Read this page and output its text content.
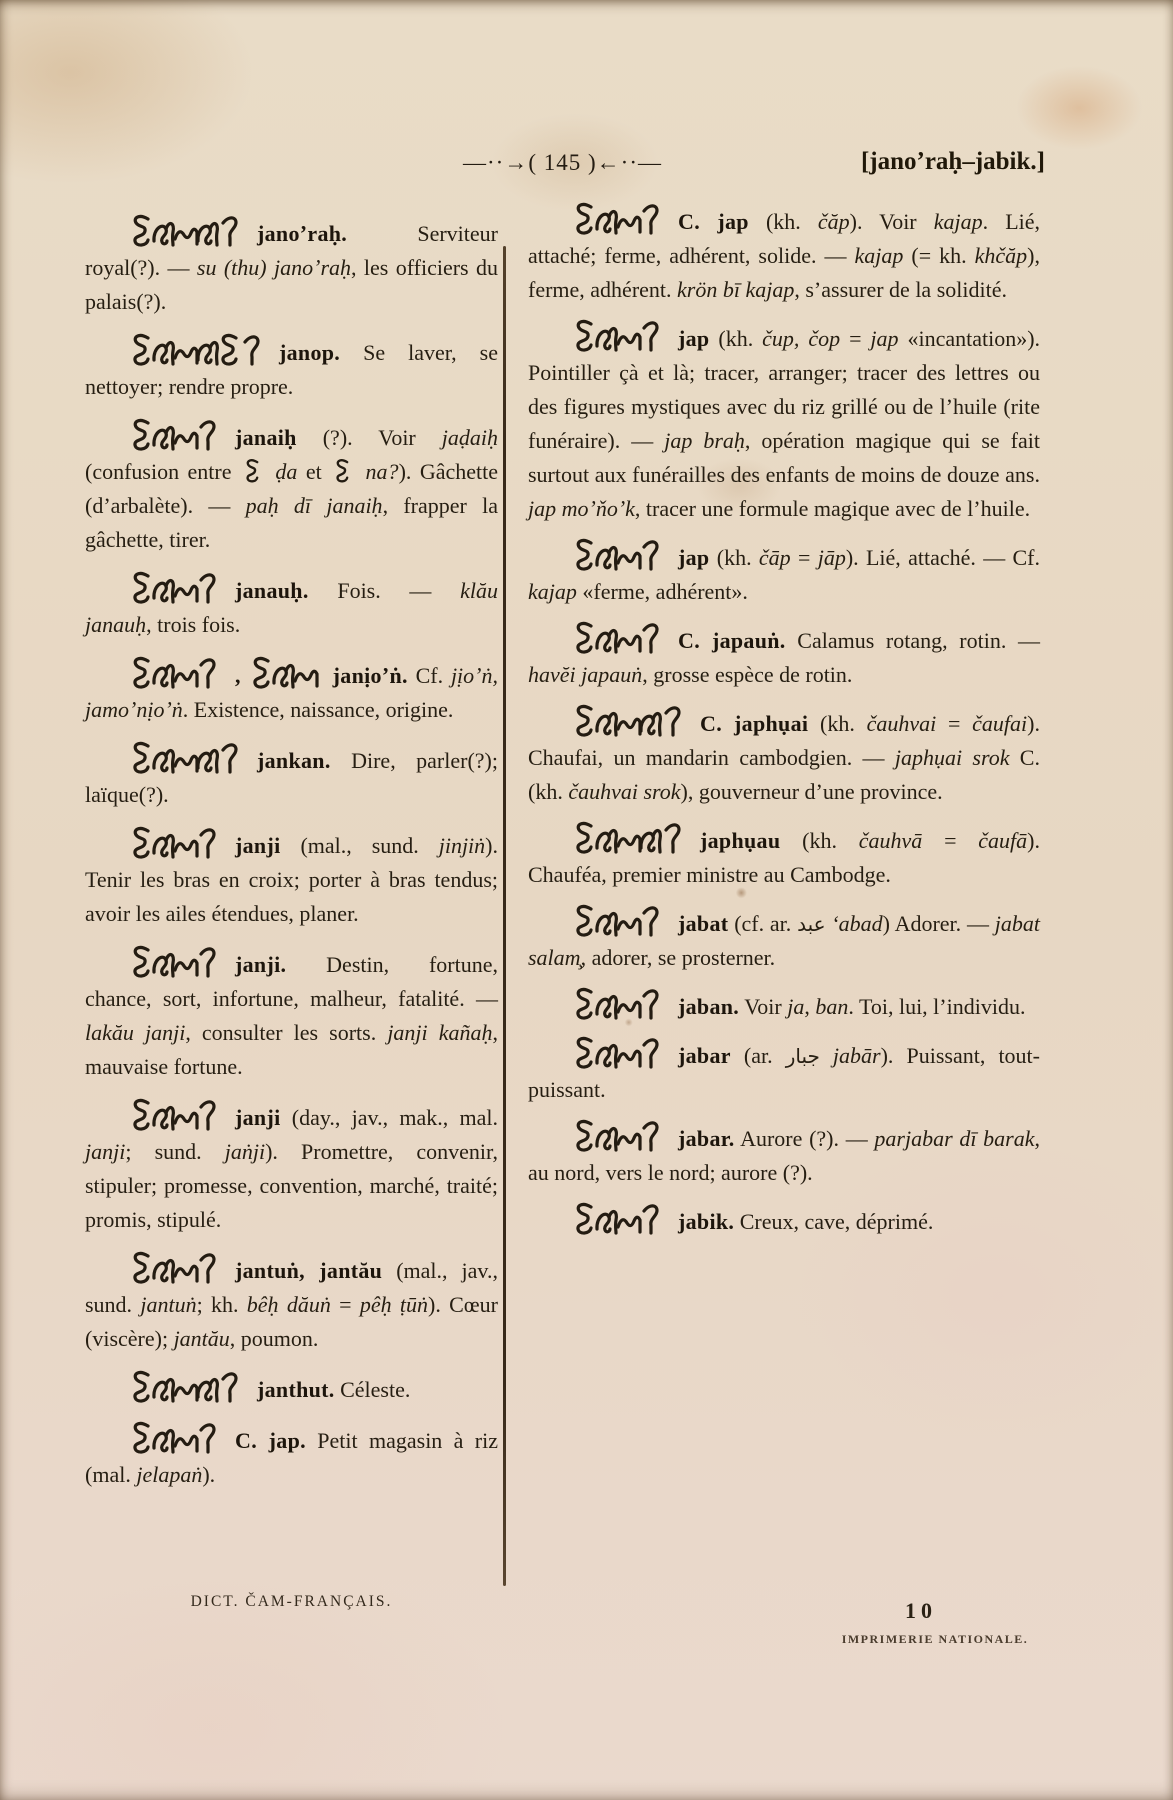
—··→( 145 )←··—	[janoʼraḥ–jabik.]

janoʼraḥ.	Serviteur royal(?). — su (thu) janoʼraḥ, les officiers du palais(?).

janop. Se laver, se nettoyer; rendre propre.

janaiḥ (?). Voir jaḍaiḥ (confusion entre  ḍa et  na?). Gâchette (d’arbalète). — paḥ dī janaiḥ, frapper la gâchette, tirer.

janauḥ. Fois. — klău janauḥ, trois fois.

,	janịoʼṅ. Cf. jịoʼṅ, jamoʼnịoʼṅ. Existence, naissance, origine.

jankan. Dire, parler(?); laïque(?).

janji (mal., sund. jinjiṅ). Tenir les bras en croix; porter à bras tendus; avoir les ailes étendues, planer.

janji. Destin, fortune, chance, sort, infortune, malheur, fatalité. — lakău janji, consulter les sorts. janji kañaḥ, mauvaise fortune.

janji (day., jav., mak., mal. janji; sund. jaṅji). Promettre, convenir, stipuler; promesse, convention, marché, traité; promis, stipulé.

jantuṅ, jantău (mal., jav., sund. jantuṅ; kh. bêḥ dăuṅ = pêḥ ṭūṅ). Cœur (viscère); jantău, poumon.

janthut. Céleste.

C. jap. Petit magasin à riz (mal. jelapaṅ).

C. jap (kh. čăp). Voir kajap. Lié, attaché; ferme, adhérent, solide. — kajap (= kh. khčăp), ferme, adhérent. krön bī kajap, s’assurer de la solidité.

jap (kh. čup, čop = jap «incantation»). Pointiller çà et là; tracer, arranger; tracer des lettres ou des figures mystiques avec du riz grillé ou de l’huile (rite funéraire). — jap braḥ, opération magique qui se fait surtout aux funérailles des enfants de moins de douze ans. jap moʼňoʼk, tracer une formule magique avec de l’huile.

jap (kh. čāp = jāp). Lié, attaché. — Cf. kajap «ferme, adhérent».

C. japauṅ. Calamus rotang, rotin. — havĕi japauṅ, grosse espèce de rotin.

C. japhụai (kh. čauhvai = čaufai). Chaufai, un mandarin cambodgien. — japhụai srok C. (kh. čauhvai srok), gouverneur d’une province.

japhụau (kh. čauhvā = čaufā). Chauféa, premier ministre au Cambodge.

jabat (cf. ar. عبد ʻabad) Adorer. — jabat salam̧, adorer, se prosterner.

jaban. Voir ja, ban. Toi, lui, l’individu.

jabar (ar. جبار jabār). Puissant, tout-puissant.

jabar. Aurore (?). — parjabar dī barak, au nord, vers le nord; aurore (?).

jabik. Creux, cave, déprimé.

DICT. ČAM-FRANÇAIS.	10
IMPRIMERIE NATIONALE.
